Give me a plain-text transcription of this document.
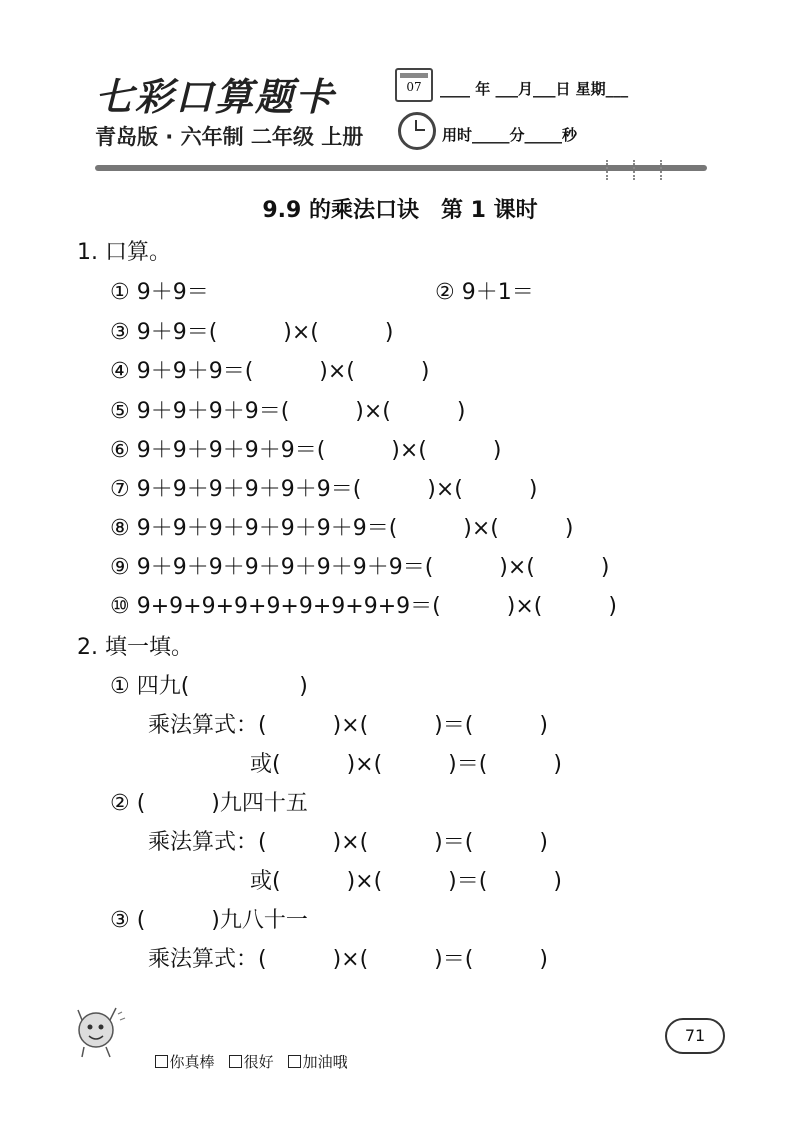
七彩口算题卡
青岛版 · 六年制 二年级 上册
07	____ 年 ___月___日 星期___
用时_____分_____秒
9.9 的乘法口诀　第 1 课时
1. 口算。
① 9＋9＝	② 9＋1＝
③ 9＋9＝(　　　)×(　　　)
④ 9＋9＋9＝(　　　)×(　　　)
⑤ 9＋9＋9＋9＝(　　　)×(　　　)
⑥ 9＋9＋9＋9＋9＝(　　　)×(　　　)
⑦ 9＋9＋9＋9＋9＋9＝(　　　)×(　　　)
⑧ 9＋9＋9＋9＋9＋9＋9＝(　　　)×(　　　)
⑨ 9＋9＋9＋9＋9＋9＋9＋9＝(　　　)×(　　　)
⑩ 9+9+9+9+9+9+9+9+9＝(　　　)×(　　　)
2. 填一填。
① 四九(　　　　　)
乘法算式：(　　　)×(　　　)＝(　　　)
或(　　　)×(　　　)＝(　　　)
② (　　　)九四十五
乘法算式：(　　　)×(　　　)＝(　　　)
或(　　　)×(　　　)＝(　　　)
③ (　　　)九八十一
乘法算式：(　　　)×(　　　)＝(　　　)

你真棒 很好 加油哦

71
